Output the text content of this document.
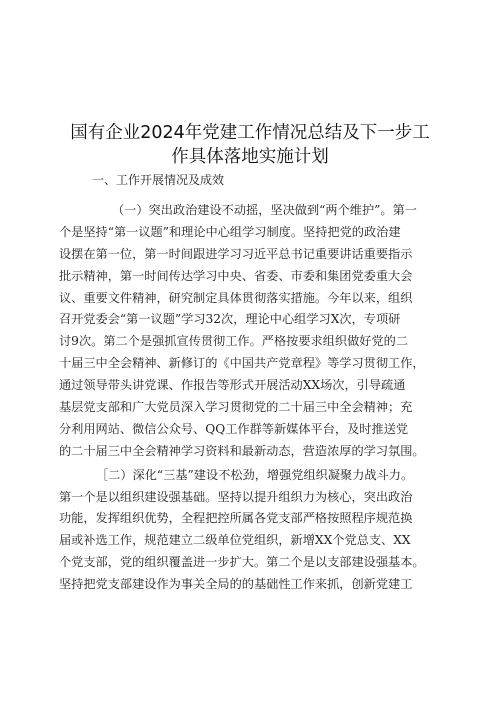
国有企业2024年党建工作情况总结及下一步工
作具体落地实施计划
一、工作开展情况及成效
（一）突出政治建设不动摇，坚决做到“两个维护”。第一
个是坚持“第一议题”和理论中心组学习制度。坚持把党的政治建
设摆在第一位，第一时间跟进学习习近平总书记重要讲话重要指示
批示精神，第一时间传达学习中央、省委、市委和集团党委重大会
议、重要文件精神，研究制定具体贯彻落实措施。今年以来，组织
召开党委会“第一议题”学习32次，理论中心组学习X次，专项研
讨9次。第二个是强抓宣传贯彻工作。严格按要求组织做好党的二
十届三中全会精神、新修订的《中国共产党章程》等学习贯彻工作，
通过领导带头讲党课、作报告等形式开展活动XX场次，引导疏通
基层党支部和广大党员深入学习贯彻党的二十届三中全会精神；充
分利用网站、微信公众号、QQ工作群等新媒体平台，及时推送党
的二十届三中全会精神学习资料和最新动态，营造浓厚的学习氛围。
［二）深化“三基”建设不松劲，增强党组织凝聚力战斗力。
第一个是以组织建设强基础。坚持以提升组织力为核心，突出政治
功能，发挥组织优势，全程把控所属各党支部严格按照程序规范换
届或补选工作，规范建立二级单位党组织，新增XX个党总支、XX
个党支部，党的组织覆盖进一步扩大。第二个是以支部建设强基本。
坚持把党支部建设作为事关全局的的基础性工作来抓，创新党建工
